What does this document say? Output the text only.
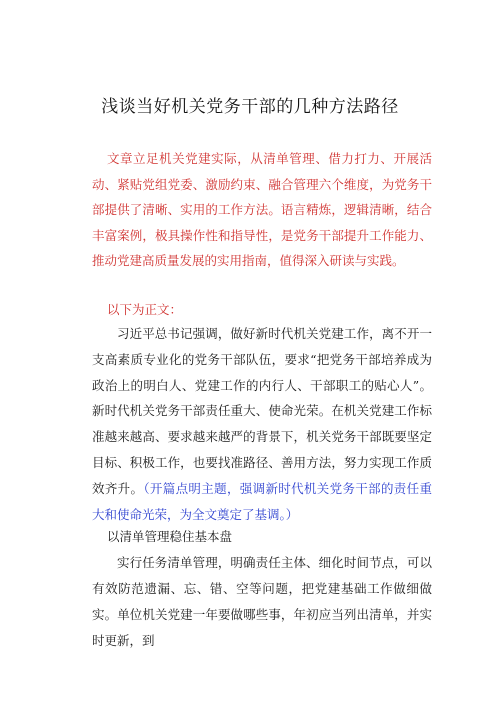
浅谈当好机关党务干部的几种方法路径

文章立足机关党建实际，从清单管理、借力打力、开展活动、紧贴党组党委、激励约束、融合管理六个维度，为党务干部提供了清晰、实用的工作方法。语言精炼，逻辑清晰，结合丰富案例，极具操作性和指导性，是党务干部提升工作能力、推动党建高质量发展的实用指南，值得深入研读与实践。

以下为正文：

习近平总书记强调，做好新时代机关党建工作，离不开一支高素质专业化的党务干部队伍，要求“把党务干部培养成为政治上的明白人、党建工作的内行人、干部职工的贴心人”。新时代机关党务干部责任重大、使命光荣。在机关党建工作标准越来越高、要求越来越严的背景下，机关党务干部既要坚定目标、积极工作，也要找准路径、善用方法，努力实现工作质效齐升。（开篇点明主题，强调新时代机关党务干部的责任重大和使命光荣，为全文奠定了基调。）

以清单管理稳住基本盘

实行任务清单管理，明确责任主体、细化时间节点，可以有效防范遗漏、忘、错、空等问题，把党建基础工作做细做实。单位机关党建一年要做哪些事，年初应当列出清单，并实时更新，到
